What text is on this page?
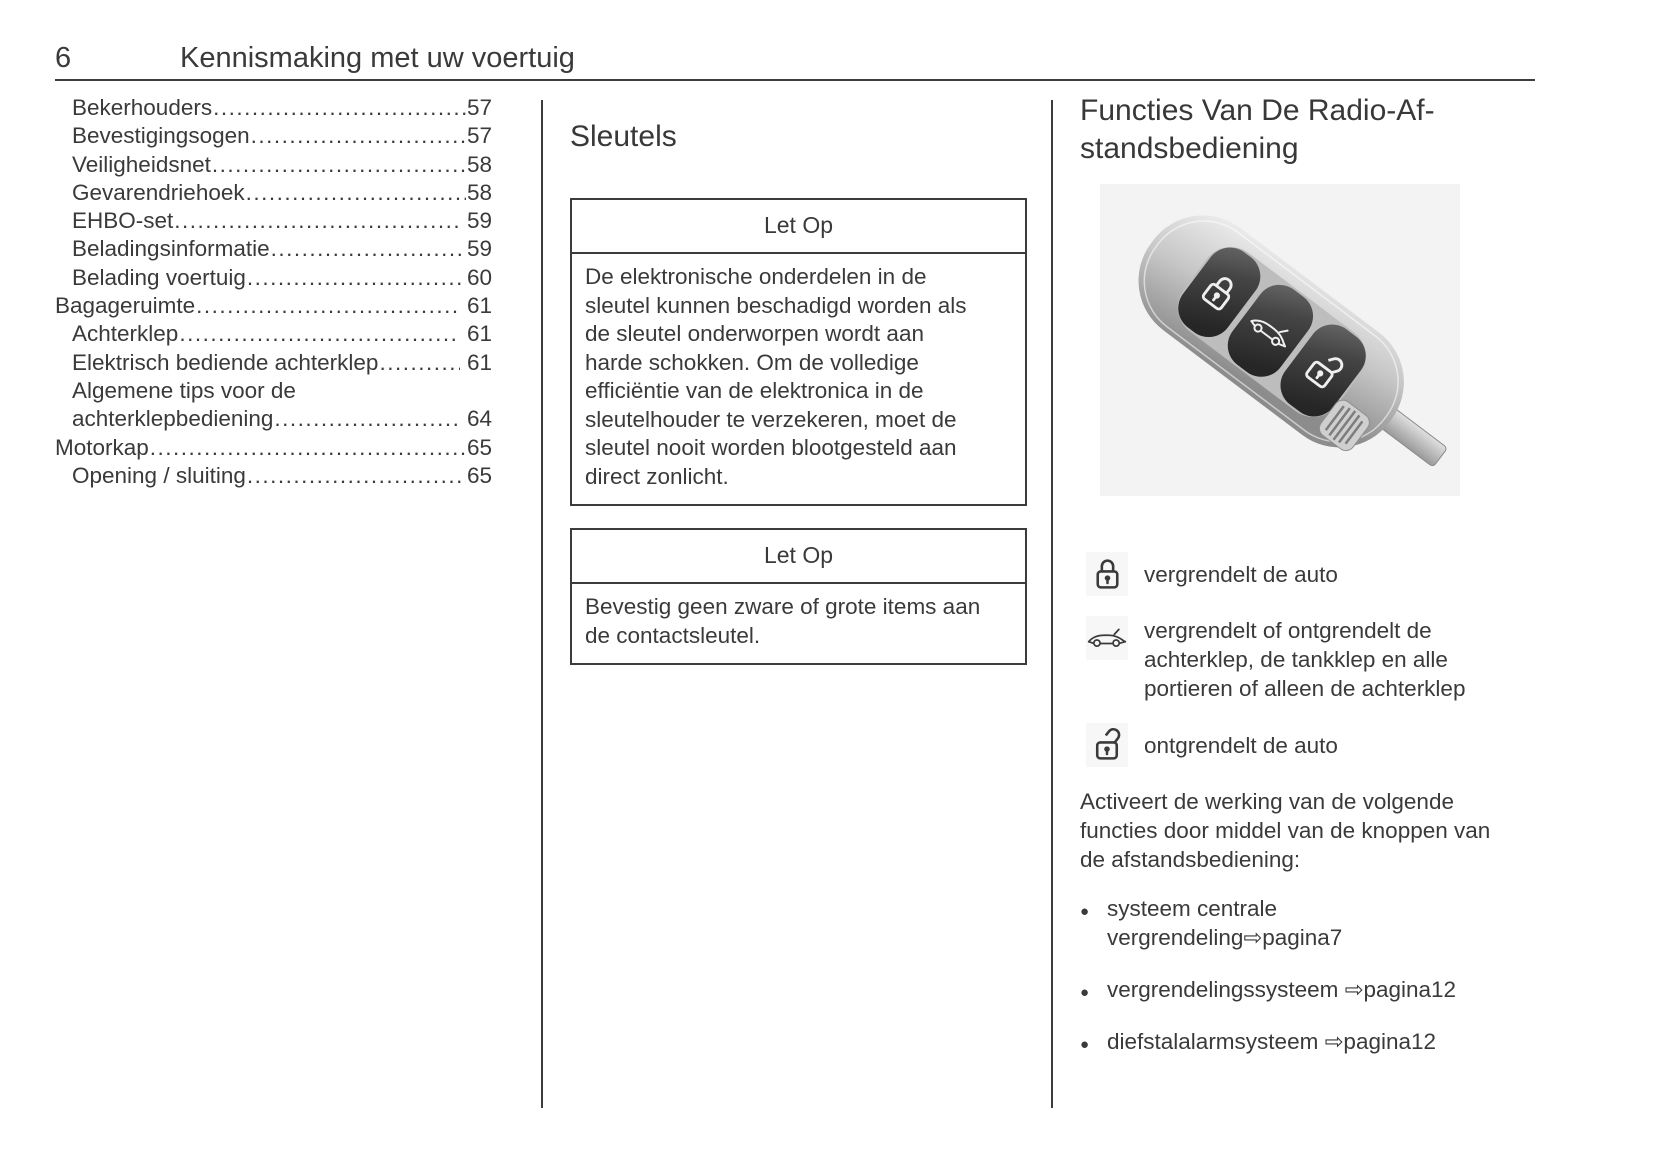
6	Kennismaking met uw voertuig
Bekerhouders .....	57
Bevestigingsogen .....	57
Veiligheidsnet .....	58
Gevarendriehoek .....	58
EHBO-set .....	59
Beladingsinformatie .....	59
Belading voertuig .....	60
Bagageruimte .....	61
Achterklep .....	61
Elektrisch bediende achterklep .....	61
Algemene tips voor de
achterklepbediening .....	64
Motorkap .....	65
Opening / sluiting .....	65
Sleutels
Let Op
De elektronische onderdelen in de
sleutel kunnen beschadigd worden als
de sleutel onderworpen wordt aan
harde schokken. Om de volledige
efficiëntie van de elektronica in de
sleutelhouder te verzekeren, moet de
sleutel nooit worden blootgesteld aan
direct zonlicht.
Let Op
Bevestig geen zware of grote items aan
de contactsleutel.
Functies Van De Radio-Af-
standsbediening
vergrendelt de auto
vergrendelt of ontgrendelt de
achterklep, de tankklep en alle
portieren of alleen de achterklep
ontgrendelt de auto

Activeert de werking van de volgende
functies door middel van de knoppen van
de afstandsbediening:

● systeem centrale
vergrendeling⇨pagina7
● vergrendelingssysteem ⇨pagina12
● diefstalalarmsysteem ⇨pagina12
